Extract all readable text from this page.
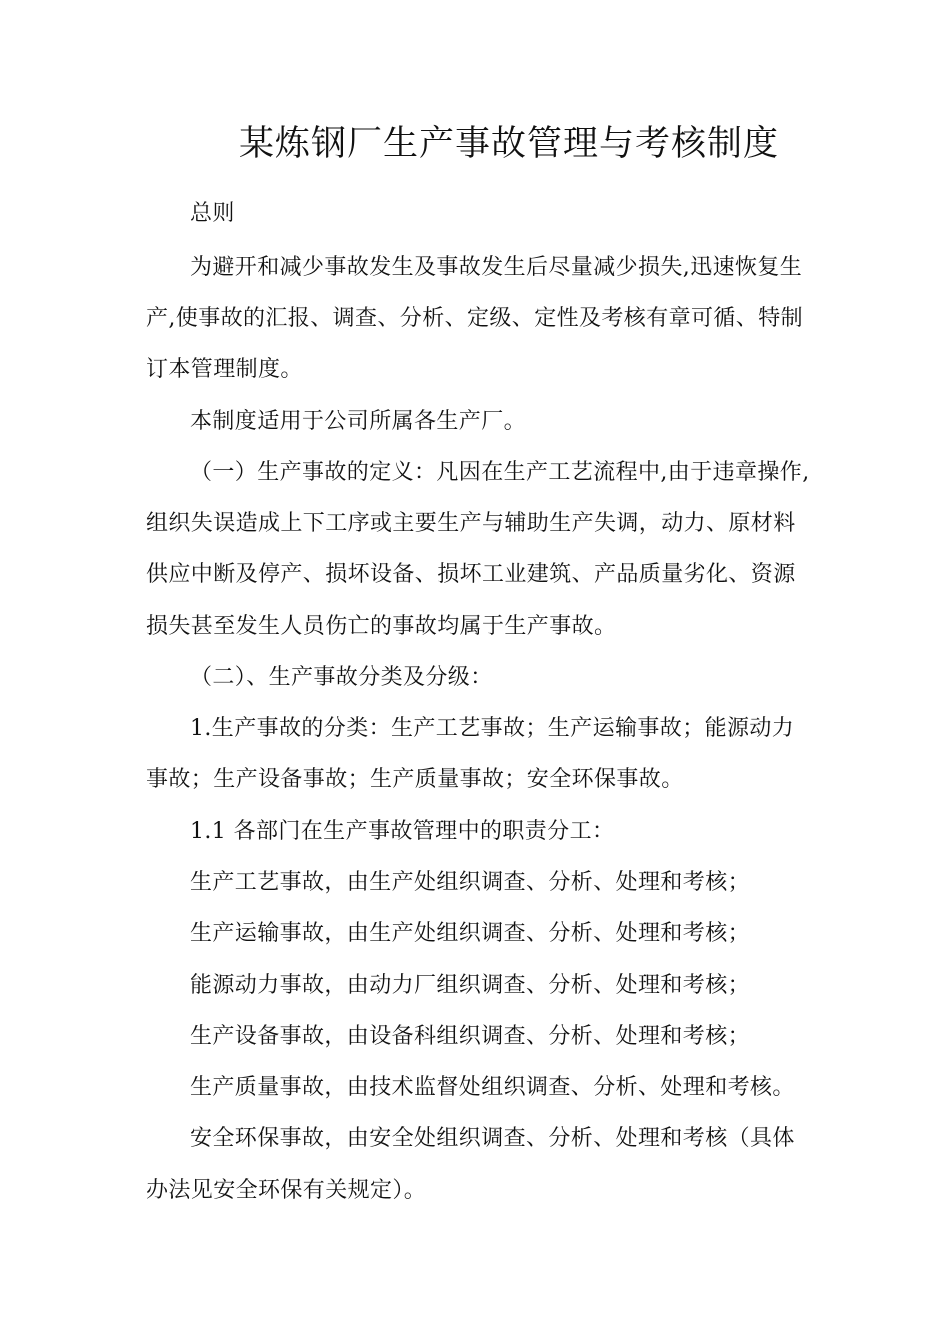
某炼钢厂生产事故管理与考核制度
总则
为避开和减少事故发生及事故发生后尽量减少损失,迅速恢复生
产,使事故的汇报、调查、分析、定级、定性及考核有章可循、特制
订本管理制度。
本制度适用于公司所属各生产厂。
（一）生产事故的定义：凡因在生产工艺流程中,由于违章操作,
组织失误造成上下工序或主要生产与辅助生产失调，动力、原材料
供应中断及停产、损坏设备、损坏工业建筑、产品质量劣化、资源
损失甚至发生人员伤亡的事故均属于生产事故。
（二）、生产事故分类及分级：
1.生产事故的分类：生产工艺事故；生产运输事故；能源动力
事故；生产设备事故；生产质量事故；安全环保事故。
1.1 各部门在生产事故管理中的职责分工：
生产工艺事故，由生产处组织调查、分析、处理和考核；
生产运输事故，由生产处组织调查、分析、处理和考核；
能源动力事故，由动力厂组织调查、分析、处理和考核；
生产设备事故，由设备科组织调查、分析、处理和考核；
生产质量事故，由技术监督处组织调查、分析、处理和考核。
安全环保事故，由安全处组织调查、分析、处理和考核（具体
办法见安全环保有关规定）。
